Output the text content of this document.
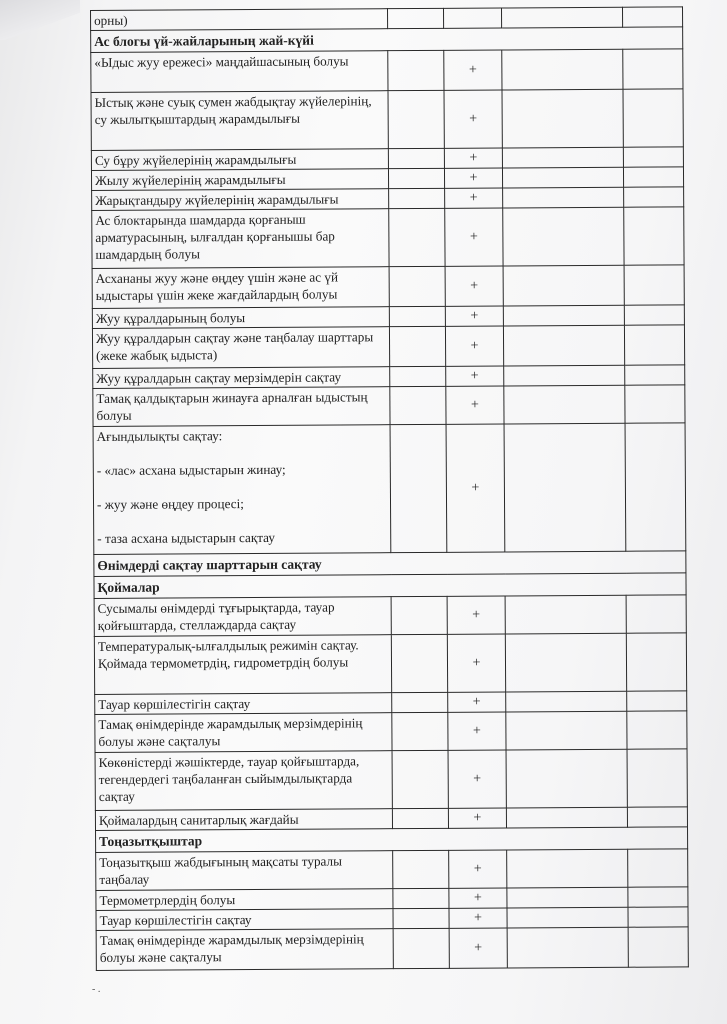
орны)				
Ас блогы үй-жайларының жай-күйі				
«Ыдыс жуу ережесі» маңдайшасының болуы		+		
Ыстық және суық сумен жабдықтау жүйелерінің, су жылытқыштардың жарамдылығы		+		
Су бұру жүйелерінің жарамдылығы		+		
Жылу жүйелерінің жарамдылығы		+		
Жарықтандыру жүйелерінің жарамдылығы		+		
Ас блоктарында шамдарда қорғаныш арматурасының, ылғалдан қорғанышы бар шамдардың болуы		+		
Асхананы жуу және өңдеу үшін және ас үй ыдыстары үшін жеке жағдайлардың болуы		+		
Жуу құралдарының болуы		+		
Жуу құралдарын сақтау және таңбалау шарттары (жеке жабық ыдыста)		+		
Жуу құралдарын сақтау мерзімдерін сақтау		+		
Тамақ қалдықтарын жинауға арналған ыдыстың болуы		+		

Ағындылықты сақтау:
- «лас» асхана ыдыстарын жинау;
- жуу және өңдеу процесі;
- таза асхана ыдыстарын сақтау		+		
Өнімдерді сақтау шарттарын сақтау				
Қоймалар				
Сусымалы өнімдерді тұғырықтарда, тауар қойғыштарда, стеллаждарда сақтау		+		
Температуралық-ылғалдылық режимін сақтау. Қоймада термометрдің, гидрометрдің болуы		+		
Тауар көршілестігін сақтау		+		
Тамақ өнімдерінде жарамдылық мерзімдерінің болуы және сақталуы		+		
Көкөністерді жәшіктерде, тауар қойғыштарда, тегендердегі таңбаланған сыйымдылықтарда сақтау		+		
Қоймалардың санитарлық жағдайы		+		
Тоңазытқыштар				
Тоңазытқыш жабдығының мақсаты туралы таңбалау		+		
Термометрлердің болуы		+		
Тауар көршілестігін сақтау		+		
Тамақ өнімдерінде жарамдылық мерзімдерінің болуы және сақталуы		+		
- .
